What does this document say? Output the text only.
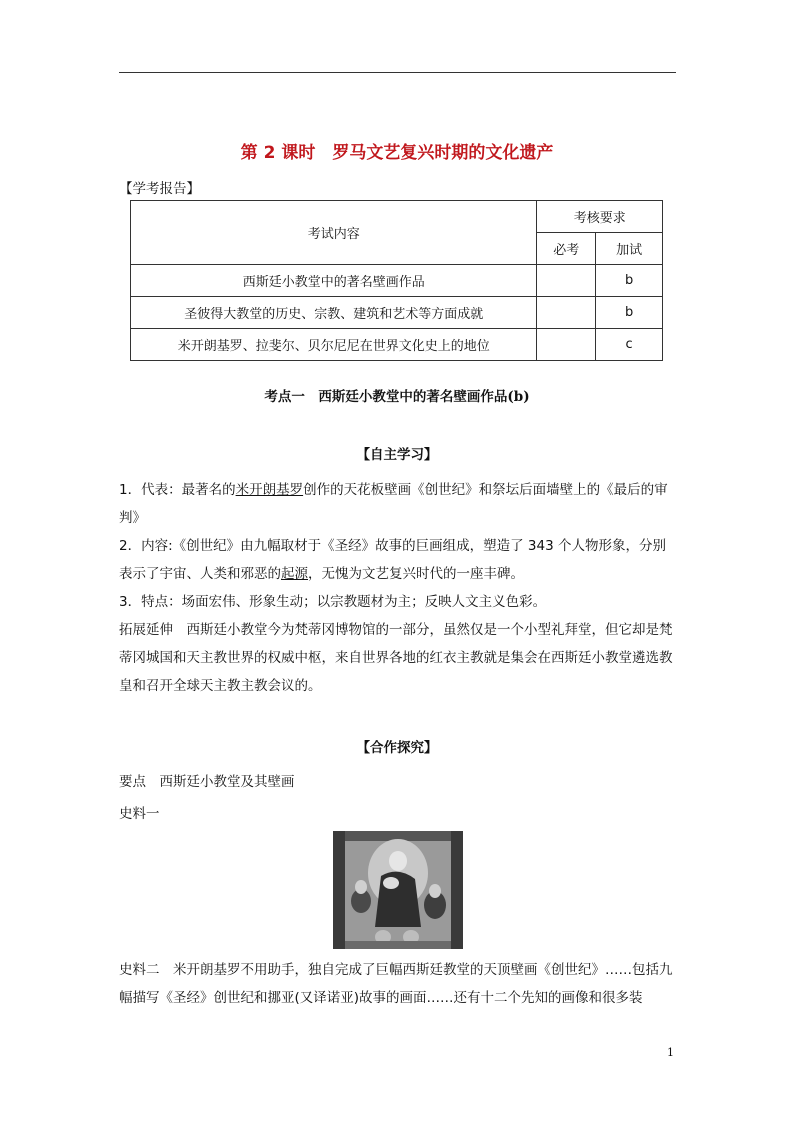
第 2 课时　罗马文艺复兴时期的文化遗产
【学考报告】
考试内容	考核要求	
	必考	加试
西斯廷小教堂中的著名壁画作品		b
圣彼得大教堂的历史、宗教、建筑和艺术等方面成就		b
米开朗基罗、拉斐尔、贝尔尼尼在世界文化史上的地位		c
考点一　西斯廷小教堂中的著名壁画作品(b)
【自主学习】

1．代表：最著名的米开朗基罗创作的天花板壁画《创世纪》和祭坛后面墙壁上的《最后的审判》

2．内容:《创世纪》由九幅取材于《圣经》故事的巨画组成，塑造了 343 个人物形象，分别表示了宇宙、人类和邪恶的起源，无愧为文艺复兴时代的一座丰碑。

3．特点：场面宏伟、形象生动；以宗教题材为主；反映人文主义色彩。

拓展延伸　西斯廷小教堂今为梵蒂冈博物馆的一部分，虽然仅是一个小型礼拜堂，但它却是梵蒂冈城国和天主教世界的权威中枢，来自世界各地的红衣主教就是集会在西斯廷小教堂遴选教皇和召开全球天主教主教会议的。

【合作探究】
要点　西斯廷小教堂及其壁画
史料一
史料二　米开朗基罗不用助手，独自完成了巨幅西斯廷教堂的天顶壁画《创世纪》……包括九幅描写《圣经》创世纪和挪亚(又译诺亚)故事的画面……还有十二个先知的画像和很多装
1
